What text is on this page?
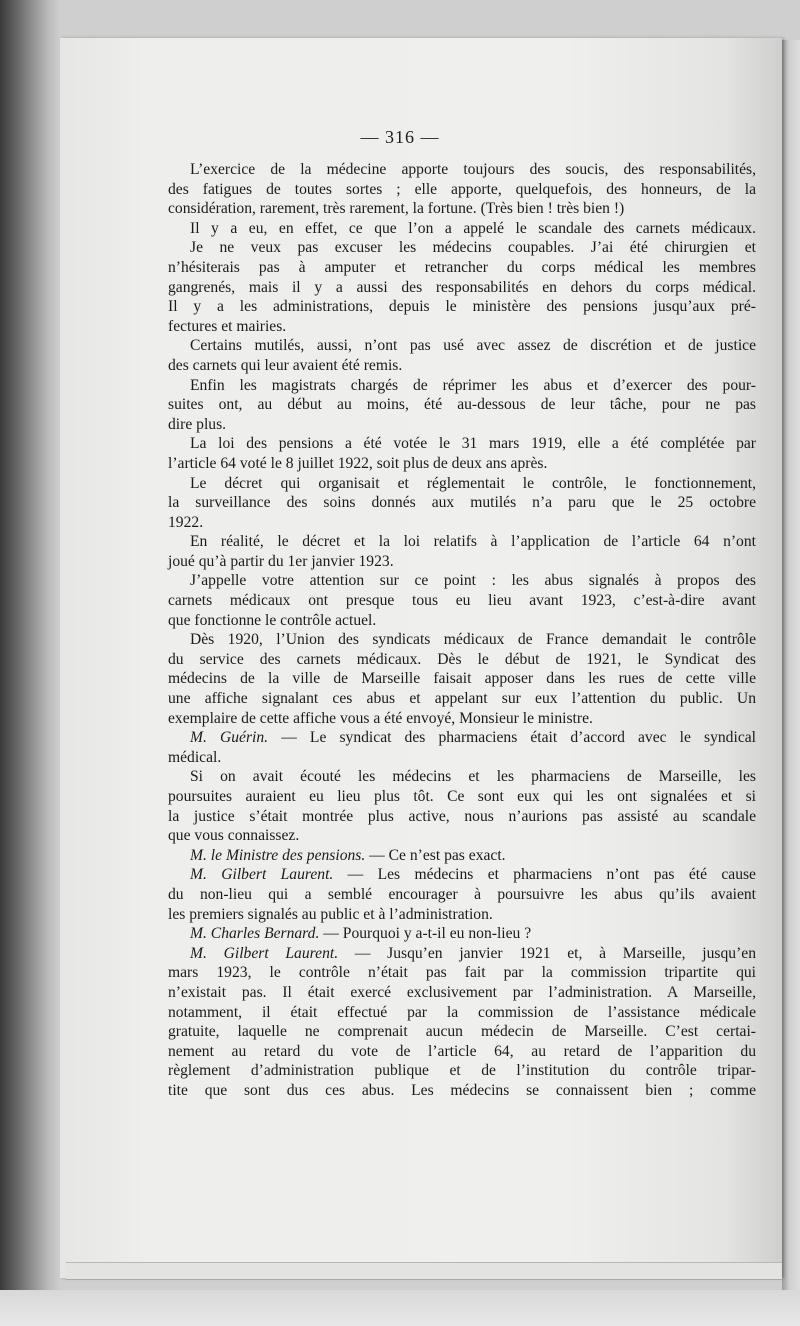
— 316 —
L’exercice de la médecine apporte toujours des soucis, des responsabilités,
des fatigues de toutes sortes ; elle apporte, quelquefois, des honneurs, de la
considération, rarement, très rarement, la fortune. (Très bien ! très bien !)
Il y a eu, en effet, ce que l’on a appelé le scandale des carnets médicaux.
Je ne veux pas excuser les médecins coupables. J’ai été chirurgien et
n’hésiterais pas à amputer et retrancher du corps médical les membres
gangrenés, mais il y a aussi des responsabilités en dehors du corps médical.
Il y a les administrations, depuis le ministère des pensions jusqu’aux pré-
fectures et mairies.
Certains mutilés, aussi, n’ont pas usé avec assez de discrétion et de justice
des carnets qui leur avaient été remis.
Enfin les magistrats chargés de réprimer les abus et d’exercer des pour-
suites ont, au début au moins, été au-dessous de leur tâche, pour ne pas
dire plus.
La loi des pensions a été votée le 31 mars 1919, elle a été complétée par
l’article 64 voté le 8 juillet 1922, soit plus de deux ans après.
Le décret qui organisait et réglementait le contrôle, le fonctionnement,
la surveillance des soins donnés aux mutilés n’a paru que le 25 octobre
1922.
En réalité, le décret et la loi relatifs à l’application de l’article 64 n’ont
joué qu’à partir du 1er janvier 1923.
J’appelle votre attention sur ce point : les abus signalés à propos des
carnets médicaux ont presque tous eu lieu avant 1923, c’est-à-dire avant
que fonctionne le contrôle actuel.
Dès 1920, l’Union des syndicats médicaux de France demandait le contrôle
du service des carnets médicaux. Dès le début de 1921, le Syndicat des
médecins de la ville de Marseille faisait apposer dans les rues de cette ville
une affiche signalant ces abus et appelant sur eux l’attention du public. Un
exemplaire de cette affiche vous a été envoyé, Monsieur le ministre.
M. Guérin. — Le syndicat des pharmaciens était d’accord avec le syndical
médical.
Si on avait écouté les médecins et les pharmaciens de Marseille, les
poursuites auraient eu lieu plus tôt. Ce sont eux qui les ont signalées et si
la justice s’était montrée plus active, nous n’aurions pas assisté au scandale
que vous connaissez.
M. le Ministre des pensions. — Ce n’est pas exact.
M. Gilbert Laurent. — Les médecins et pharmaciens n’ont pas été cause
du non-lieu qui a semblé encourager à poursuivre les abus qu’ils avaient
les premiers signalés au public et à l’administration.
M. Charles Bernard. — Pourquoi y a-t-il eu non-lieu ?
M. Gilbert Laurent. — Jusqu’en janvier 1921 et, à Marseille, jusqu’en
mars 1923, le contrôle n’était pas fait par la commission tripartite qui
n’existait pas. Il était exercé exclusivement par l’administration. A Marseille,
notamment, il était effectué par la commission de l’assistance médicale
gratuite, laquelle ne comprenait aucun médecin de Marseille. C’est certai-
nement au retard du vote de l’article 64, au retard de l’apparition du
règlement d’administration publique et de l’institution du contrôle tripar-
tite que sont dus ces abus. Les médecins se connaissent bien ; comme
